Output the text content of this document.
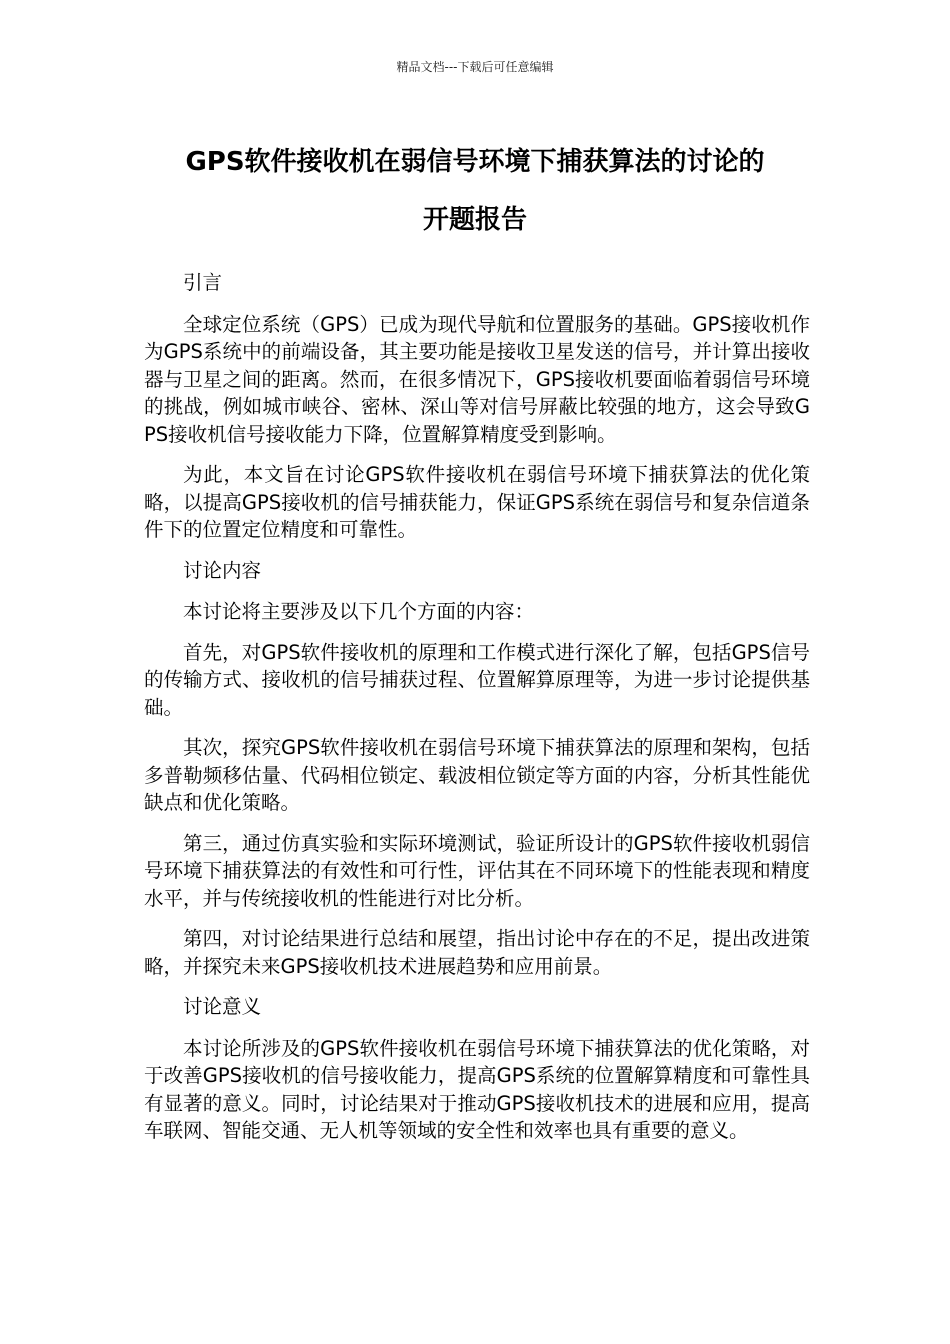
精品文档---下载后可任意编辑
GPS软件接收机在弱信号环境下捕获算法的讨论的
开题报告

引言

全球定位系统（GPS）已成为现代导航和位置服务的基础。GPS接收机作为GPS系统中的前端设备，其主要功能是接收卫星发送的信号，并计算出接收器与卫星之间的距离。然而，在很多情况下，GPS接收机要面临着弱信号环境的挑战，例如城市峡谷、密林、深山等对信号屏蔽比较强的地方，这会导致GPS接收机信号接收能力下降，位置解算精度受到影响。

为此，本文旨在讨论GPS软件接收机在弱信号环境下捕获算法的优化策略，以提高GPS接收机的信号捕获能力，保证GPS系统在弱信号和复杂信道条件下的位置定位精度和可靠性。

讨论内容

本讨论将主要涉及以下几个方面的内容：

首先，对GPS软件接收机的原理和工作模式进行深化了解，包括GPS信号的传输方式、接收机的信号捕获过程、位置解算原理等，为进一步讨论提供基础。

其次，探究GPS软件接收机在弱信号环境下捕获算法的原理和架构，包括多普勒频移估量、代码相位锁定、载波相位锁定等方面的内容，分析其性能优缺点和优化策略。

第三，通过仿真实验和实际环境测试，验证所设计的GPS软件接收机弱信号环境下捕获算法的有效性和可行性，评估其在不同环境下的性能表现和精度水平，并与传统接收机的性能进行对比分析。

第四，对讨论结果进行总结和展望，指出讨论中存在的不足，提出改进策略，并探究未来GPS接收机技术进展趋势和应用前景。

讨论意义

本讨论所涉及的GPS软件接收机在弱信号环境下捕获算法的优化策略，对于改善GPS接收机的信号接收能力，提高GPS系统的位置解算精度和可靠性具有显著的意义。同时，讨论结果对于推动GPS接收机技术的进展和应用，提高车联网、智能交通、无人机等领域的安全性和效率也具有重要的意义。
